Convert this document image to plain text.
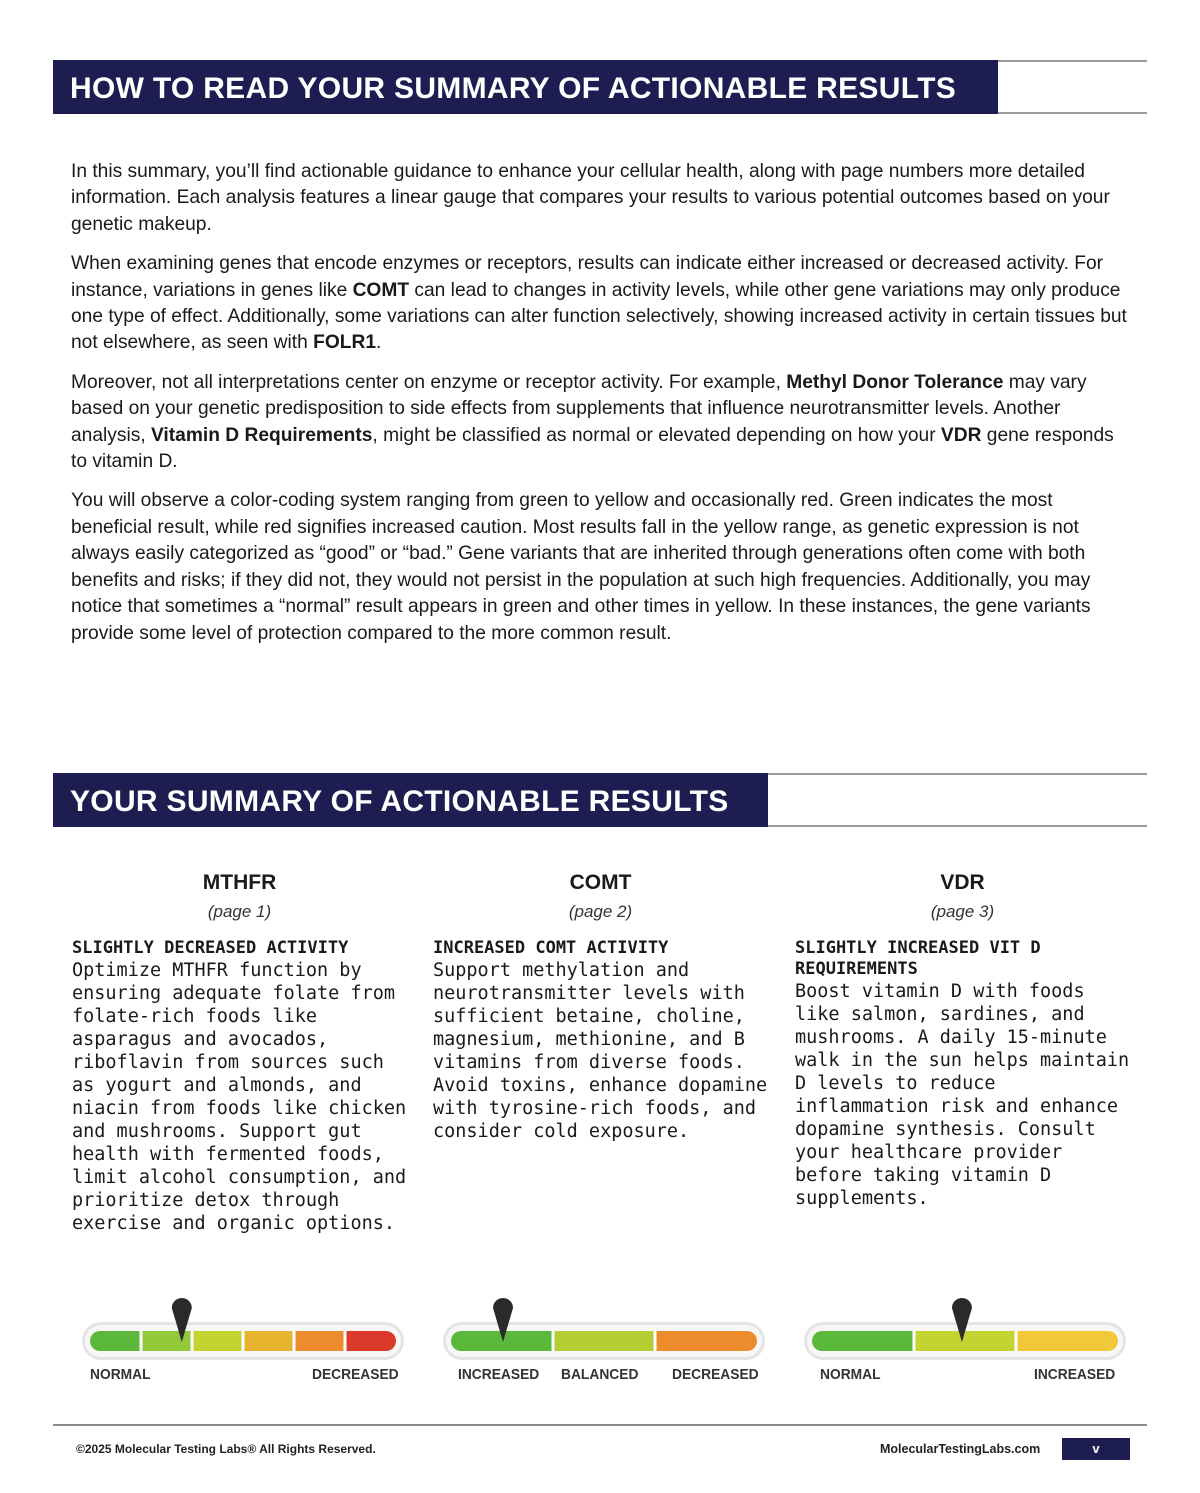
HOW TO READ YOUR SUMMARY OF ACTIONABLE RESULTS

In this summary, you’ll find actionable guidance to enhance your cellular health, along with page numbers more detailed information. Each analysis features a linear gauge that compares your results to various potential outcomes based on your genetic makeup.

When examining genes that encode enzymes or receptors, results can indicate either increased or decreased activity. For instance, variations in genes like COMT can lead to changes in activity levels, while other gene variations may only produce one type of effect. Additionally, some variations can alter function selectively, showing increased activity in certain tissues but not elsewhere, as seen with FOLR1.

Moreover, not all interpretations center on enzyme or receptor activity. For example, Methyl Donor Tolerance may vary based on your genetic predisposition to side effects from supplements that influence neurotransmitter levels. Another analysis, Vitamin D Requirements, might be classified as normal or elevated depending on how your VDR gene responds to vitamin D.

You will observe a color-coding system ranging from green to yellow and occasionally red. Green indicates the most beneficial result, while red signifies increased caution. Most results fall in the yellow range, as genetic expression is not always easily categorized as “good” or “bad.” Gene variants that are inherited through generations often come with both benefits and risks; if they did not, they would not persist in the population at such high frequencies. Additionally, you may notice that sometimes a “normal” result appears in green and other times in yellow. In these instances, the gene variants provide some level of protection compared to the more common result.

YOUR SUMMARY OF ACTIONABLE RESULTS
MTHFR
(page 1)
SLIGHTLY DECREASED ACTIVITY
Optimize MTHFR function by ensuring adequate folate from folate-rich foods like asparagus and avocados, riboflavin from sources such as yogurt and almonds, and niacin from foods like chicken and mushrooms. Support gut health with fermented foods, limit alcohol consumption, and prioritize detox through exercise and organic options.
COMT
(page 2)
INCREASED COMT ACTIVITY
Support methylation and neurotransmitter levels with sufficient betaine, choline, magnesium, methionine, and B vitamins from diverse foods. Avoid toxins, enhance dopamine with tyrosine-rich foods, and consider cold exposure.
VDR
(page 3)
SLIGHTLY INCREASED VIT D REQUIREMENTS
Boost vitamin D with foods like salmon, sardines, and mushrooms. A daily 15-minute walk in the sun helps maintain D levels to reduce inflammation risk and enhance dopamine synthesis. Consult your healthcare provider before taking vitamin D supplements.
NORMAL	DECREASED	INCREASED BALANCED DECREASED	NORMAL	INCREASED
©2025 Molecular Testing Labs® All Rights Reserved.	MolecularTestingLabs.com	v
